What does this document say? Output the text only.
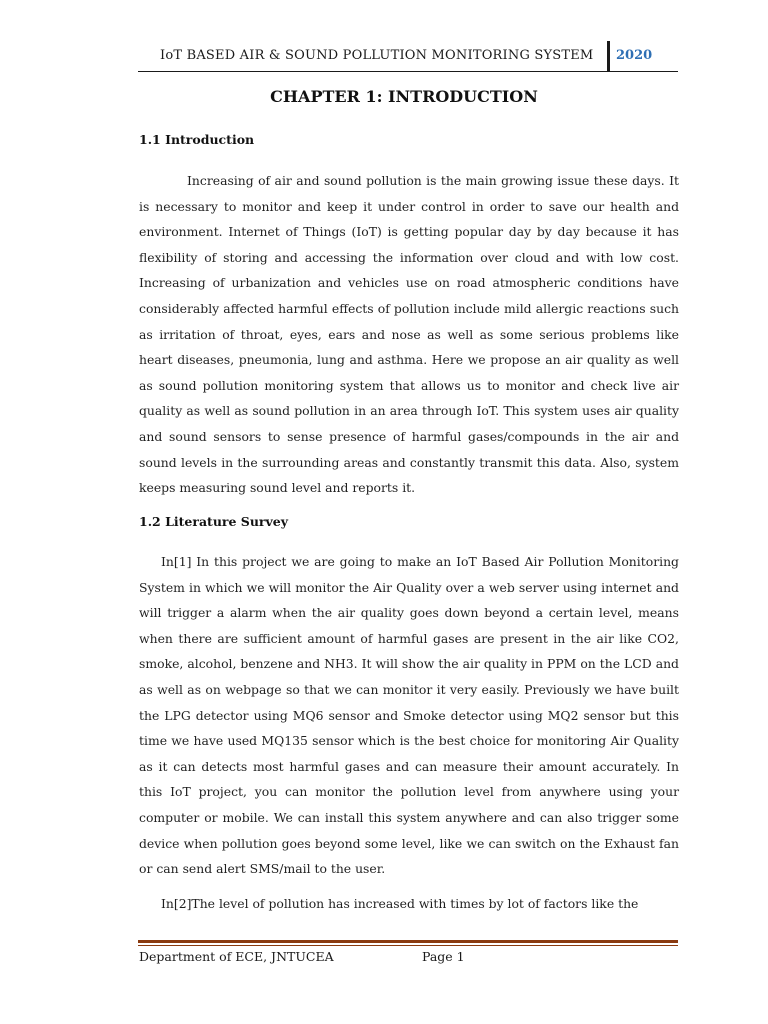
IoT BASED AIR & SOUND POLLUTION MONITORING SYSTEM 2020
CHAPTER 1: INTRODUCTION
1.1 Introduction
Increasing of air and sound pollution is the main growing issue these days. It is necessary to monitor and keep it under control in order to save our health and environment. Internet of Things (IoT) is getting popular day by day because it has flexibility of storing and accessing the information over cloud and with low cost. Increasing of urbanization and vehicles use on road atmospheric conditions have considerably affected harmful effects of pollution include mild allergic reactions such as irritation of throat, eyes, ears and nose as well as some serious problems like heart diseases, pneumonia, lung and asthma. Here we propose an air quality as well as sound pollution monitoring system that allows us to monitor and check live air quality as well as sound pollution in an area through IoT. This system uses air quality and sound sensors to sense presence of harmful gases/compounds in the air and sound levels in the surrounding areas and constantly transmit this data. Also, system keeps measuring sound level and reports it.
1.2 Literature Survey
In[1] In this project we are going to make an IoT Based Air Pollution Monitoring System in which we will monitor the Air Quality over a web server using internet and will trigger a alarm when the air quality goes down beyond a certain level, means when there are sufficient amount of harmful gases are present in the air like CO2, smoke, alcohol, benzene and NH3. It will show the air quality in PPM on the LCD and as well as on webpage so that we can monitor it very easily. Previously we have built the LPG detector using MQ6 sensor and Smoke detector using MQ2 sensor but this time we have used MQ135 sensor which is the best choice for monitoring Air Quality as it can detects most harmful gases and can measure their amount accurately. In this IoT project, you can monitor the pollution level from anywhere using your computer or mobile. We can install this system anywhere and can also trigger some device when pollution goes beyond some level, like we can switch on the Exhaust fan or can send alert SMS/mail to the user.
In[2]The level of pollution has increased with times by lot of factors like the
Department of ECE, JNTUCEA	Page 1
